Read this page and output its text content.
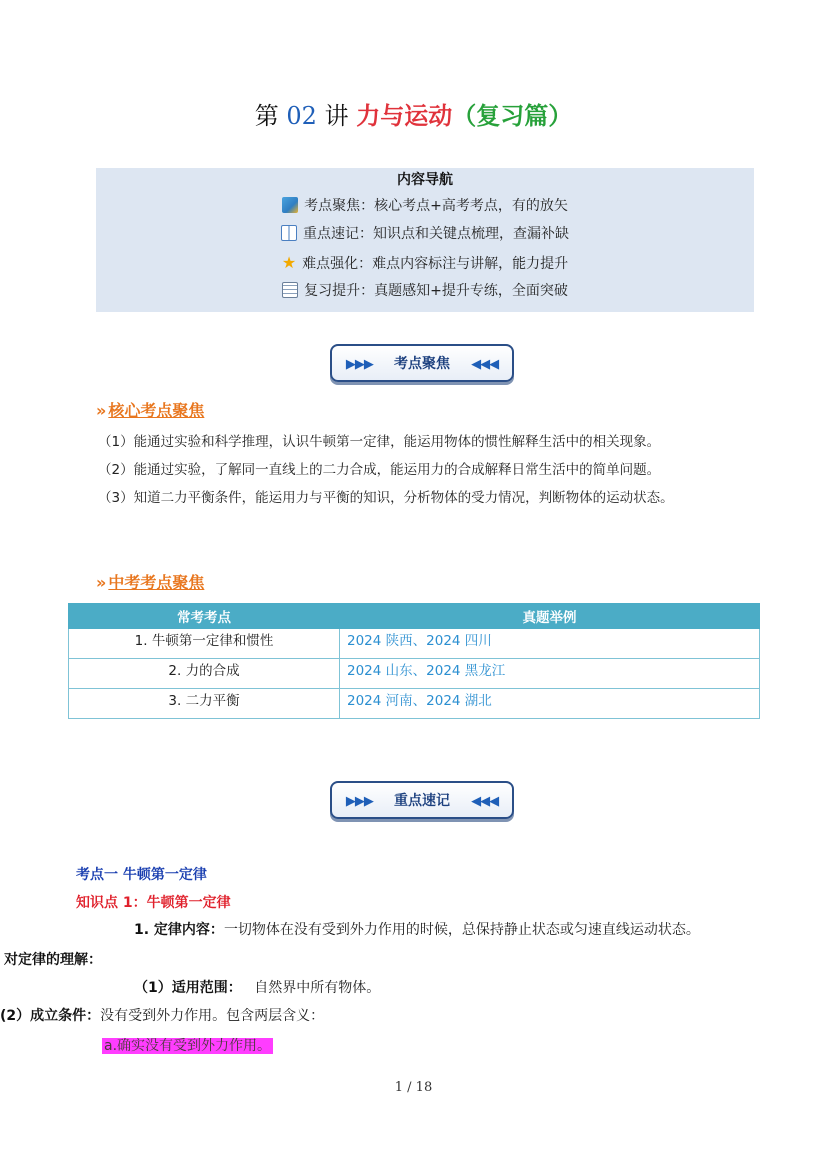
第 02 讲 力与运动（复习篇）
内容导航
考点聚焦：核心考点+高考考点，有的放矢
重点速记：知识点和关键点梳理，查漏补缺
★ 难点强化：难点内容标注与讲解，能力提升
复习提升：真题感知+提升专练，全面突破
▶▶▶ 考点聚焦 ◀◀◀
» 核心考点聚焦
（1）能通过实验和科学推理，认识牛顿第一定律，能运用物体的惯性解释生活中的相关现象。
（2）能通过实验，了解同一直线上的二力合成，能运用力的合成解释日常生活中的简单问题。
（3）知道二力平衡条件，能运用力与平衡的知识，分析物体的受力情况，判断物体的运动状态。
» 中考考点聚焦
常考考点	真题举例
1. 牛顿第一定律和惯性	2024 陕西、2024 四川
2. 力的合成	2024 山东、2024 黑龙江
3. 二力平衡	2024 河南、2024 湖北
▶▶▶ 重点速记 ◀◀◀
考点一 牛顿第一定律
知识点 1：牛顿第一定律
1. 定律内容：一切物体在没有受到外力作用的时候，总保持静止状态或匀速直线运动状态。
对定律的理解：
（1）适用范围： 自然界中所有物体。
(2）成立条件：没有受到外力作用。包含两层含义：
a.确实没有受到外力作用。
1 / 18
